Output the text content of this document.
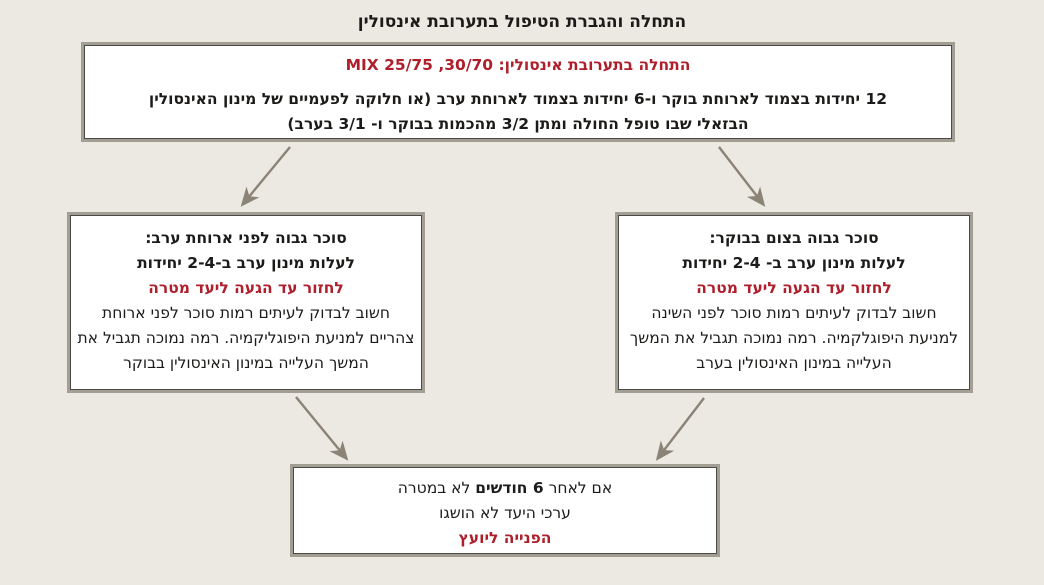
התחלה והגברת הטיפול בתערובת אינסולין
התחלה בתערובת אינסולין: 30/70, 25/75 MIX
12 יחידות בצמוד לארוחת בוקר ו-6 יחידות בצמוד לארוחת ערב (או חלוקה לפעמיים של מינון האינסולין
הבזאלי שבו טופל החולה ומתן 3/2 מהכמות בבוקר ו- 3/1 בערב)
סוכר גבוה לפני ארוחת ערב:
לעלות מינון ערב ב-2-4 יחידות
לחזור עד הגעה ליעד מטרה
חשוב לבדוק לעיתים רמות סוכר לפני ארוחת צהריים למניעת היפוגליקמיה. רמה נמוכה תגביל את המשך העלייה במינון האינסולין בבוקר
סוכר גבוה בצום בבוקר:
לעלות מינון ערב ב- 2-4 יחידות
לחזור עד הגעה ליעד מטרה
חשוב לבדוק לעיתים רמות סוכר לפני השינה למניעת היפוגלקמיה. רמה נמוכה תגביל את המשך העלייה במינון האינסולין בערב
אם לאחר 6 חודשים לא במטרה
ערכי היעד לא הושגו
הפנייה ליועץ
